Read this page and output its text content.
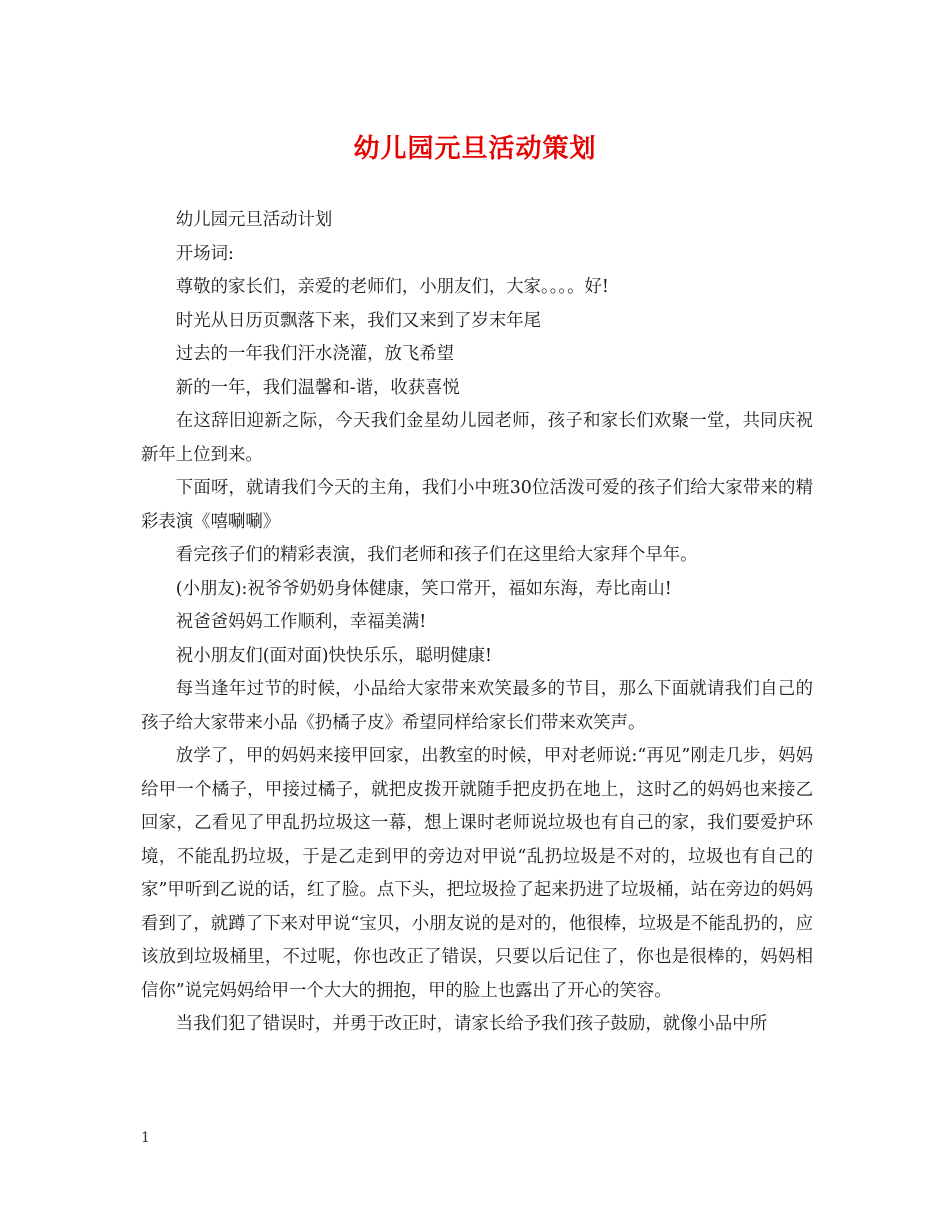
幼儿园元旦活动策划

幼儿园元旦活动计划

开场词:

尊敬的家长们，亲爱的老师们，小朋友们，大家。。。。好!

时光从日历页飘落下来，我们又来到了岁末年尾

过去的一年我们汗水浇灌，放飞希望

新的一年，我们温馨和-谐，收获喜悦

在这辞旧迎新之际，今天我们金星幼儿园老师，孩子和家长们欢聚一堂，共同庆祝新年上位到来。

下面呀，就请我们今天的主角，我们小中班30位活泼可爱的孩子们给大家带来的精彩表演《嘻唰唰》

看完孩子们的精彩表演，我们老师和孩子们在这里给大家拜个早年。

(小朋友):祝爷爷奶奶身体健康，笑口常开，福如东海，寿比南山!

祝爸爸妈妈工作顺利，幸福美满!

祝小朋友们(面对面)快快乐乐，聪明健康!

每当逢年过节的时候，小品给大家带来欢笑最多的节目，那么下面就请我们自己的孩子给大家带来小品《扔橘子皮》希望同样给家长们带来欢笑声。

放学了，甲的妈妈来接甲回家，出教室的时候，甲对老师说:“再见”刚走几步，妈妈给甲一个橘子，甲接过橘子，就把皮拨开就随手把皮扔在地上，这时乙的妈妈也来接乙回家，乙看见了甲乱扔垃圾这一幕，想上课时老师说垃圾也有自己的家，我们要爱护环境，不能乱扔垃圾，于是乙走到甲的旁边对甲说“乱扔垃圾是不对的，垃圾也有自己的家”甲听到乙说的话，红了脸。点下头，把垃圾捡了起来扔进了垃圾桶，站在旁边的妈妈看到了，就蹲了下来对甲说“宝贝，小朋友说的是对的，他很棒，垃圾是不能乱扔的，应该放到垃圾桶里，不过呢，你也改正了错误，只要以后记住了，你也是很棒的，妈妈相信你”说完妈妈给甲一个大大的拥抱，甲的脸上也露出了开心的笑容。

当我们犯了错误时，并勇于改正时，请家长给予我们孩子鼓励，就像小品中所

1
